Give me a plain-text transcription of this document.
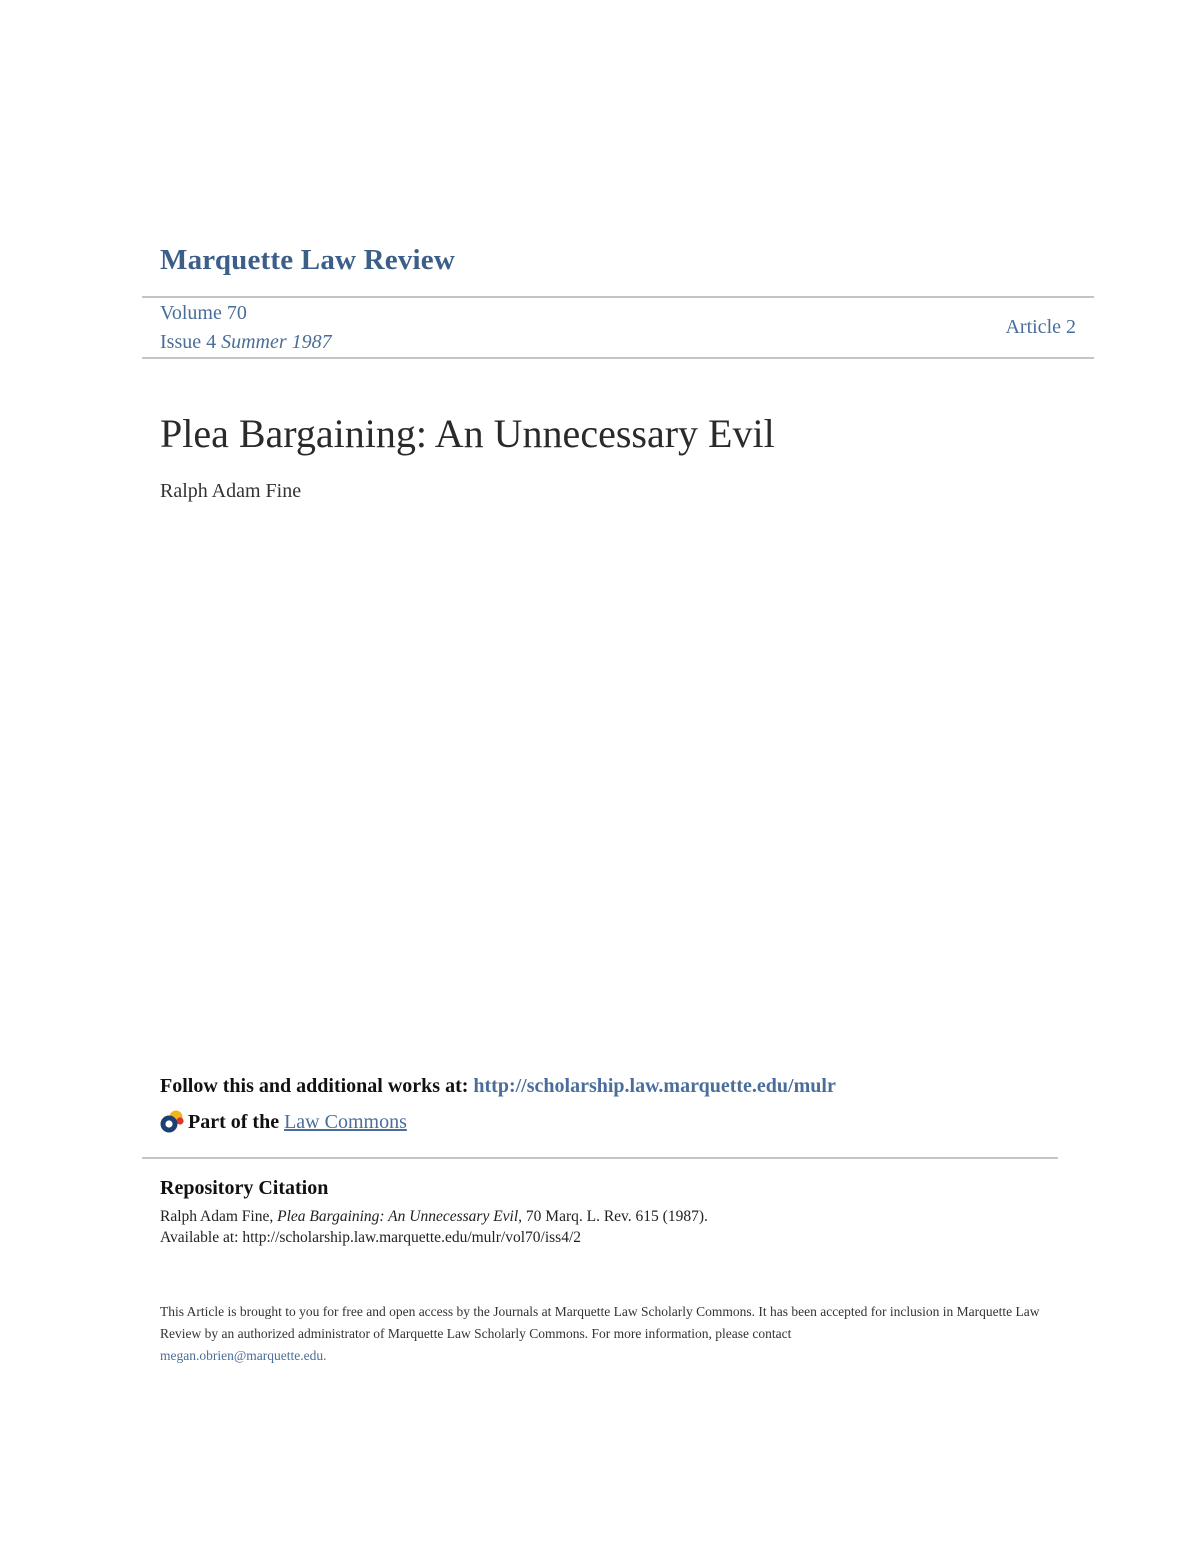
Marquette Law Review
Volume 70
Issue 4 Summer 1987
Article 2
Plea Bargaining: An Unnecessary Evil
Ralph Adam Fine
Follow this and additional works at: http://scholarship.law.marquette.edu/mulr
Part of the
Law Commons
Repository Citation
Ralph Adam Fine, Plea Bargaining: An Unnecessary Evil, 70 Marq. L. Rev. 615 (1987).
Available at: http://scholarship.law.marquette.edu/mulr/vol70/iss4/2
This Article is brought to you for free and open access by the Journals at Marquette Law Scholarly Commons. It has been accepted for inclusion in Marquette Law Review by an authorized administrator of Marquette Law Scholarly Commons. For more information, please contact
megan.obrien@marquette.edu.
